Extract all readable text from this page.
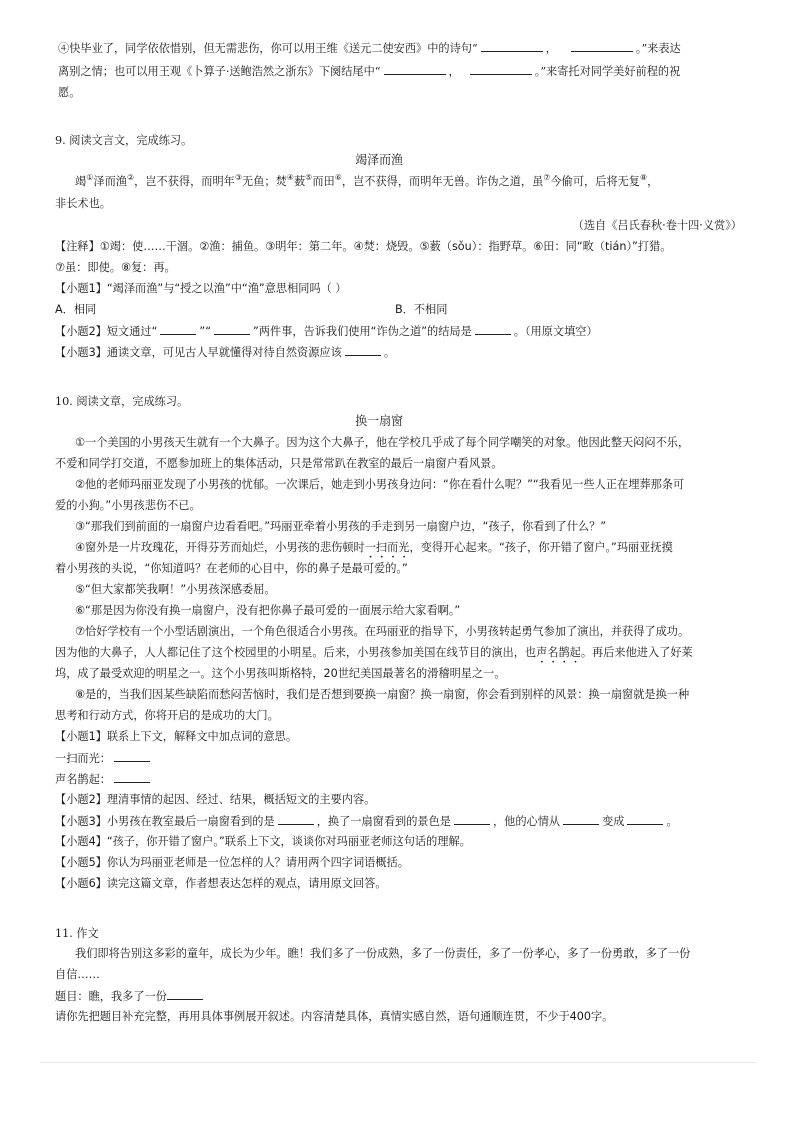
④快毕业了，同学依依惜别，但无需悲伤，你可以用王维《送元二使安西》中的诗句“	，	。”来表达
离别之情；也可以用王观《卜算子·送鲍浩然之浙东》下阕结尾中“	，	。”来寄托对同学美好前程的祝
愿。
9. 阅读文言文，完成练习。
竭泽而渔
竭①泽而渔②，岂不获得，而明年③无鱼；焚④薮⑤而田⑥，岂不获得，而明年无兽。诈伪之道，虽⑦今偷可，后将无复⑧，
非长术也。
（选自《吕氏春秋·卷十四·义赏》）
【注释】①竭：使……干涸。②渔：捕鱼。③明年：第二年。④焚：烧毁。⑤薮（sǒu）：指野草。⑥田：同“畋（tián）”打猎。
⑦虽：即使。⑧复：再。
【小题1】“竭泽而渔”与“授之以渔”中“渔”意思相同吗（ ）
A．相同	B．不相同
【小题2】短文通过“	”“	”两件事，告诉我们使用“诈伪之道”的结局是	。（用原文填空）
【小题3】通读文章，可见古人早就懂得对待自然资源应该	。
10. 阅读文章，完成练习。
换一扇窗
①一个美国的小男孩天生就有一个大鼻子。因为这个大鼻子，他在学校几乎成了每个同学嘲笑的对象。他因此整天闷闷不乐，
不爱和同学打交道，不愿参加班上的集体活动，只是常常趴在教室的最后一扇窗户看风景。
②他的老师玛丽亚发现了小男孩的忧郁。一次课后，她走到小男孩身边问：“你在看什么呢？”“我看见一些人正在埋葬那条可
爱的小狗。”小男孩悲伤不已。
③“那我们到前面的一扇窗户边看看吧。”玛丽亚牵着小男孩的手走到另一扇窗户边，“孩子，你看到了什么？”
④窗外是一片玫瑰花，开得芬芳而灿烂，小男孩的悲伤顿时一扫而光，变得开心起来。“孩子，你开错了窗户。”玛丽亚抚摸
着小男孩的头说，“你知道吗？在老师的心目中，你的鼻子是最可爱的。”
⑤“但大家都笑我啊！”小男孩深感委屈。
⑥“那是因为你没有换一扇窗户，没有把你鼻子最可爱的一面展示给大家看啊。”
⑦恰好学校有一个小型话剧演出，一个角色很适合小男孩。在玛丽亚的指导下，小男孩转起勇气参加了演出，并获得了成功。
因为他的大鼻子，人人都记住了这个校园里的小明星。后来，小男孩参加美国在线节目的演出，也声名鹊起。再后来他进入了好莱
坞，成了最受欢迎的明星之一。这个小男孩叫斯格特，20世纪美国最著名的滑稽明星之一。
⑧是的，当我们因某些缺陷而愁闷苦恼时，我们是否想到要换一扇窗？换一扇窗，你会看到别样的风景：换一扇窗就是换一种
思考和行动方式，你将开启的是成功的大门。
【小题1】联系上下文，解释文中加点词的意思。
一扫而光：
声名鹊起：
【小题2】理清事情的起因、经过、结果，概括短文的主要内容。
【小题3】小男孩在教室最后一扇窗看到的是	，换了一扇窗看到的景色是	，他的心情从	变成	。
【小题4】“孩子，你开错了窗户。”联系上下文，谈谈你对玛丽亚老师这句话的理解。
【小题5】你认为玛丽亚老师是一位怎样的人？请用两个四字词语概括。
【小题6】读完这篇文章，作者想表达怎样的观点，请用原文回答。
11. 作文
我们即将告别这多彩的童年，成长为少年。瞧！我们多了一份成熟，多了一份责任，多了一份孝心，多了一份勇敢，多了一份
自信……
题目：瞧，我多了一份
请你先把题目补充完整，再用具体事例展开叙述。内容清楚具体，真情实感自然，语句通顺连贯，不少于400字。
